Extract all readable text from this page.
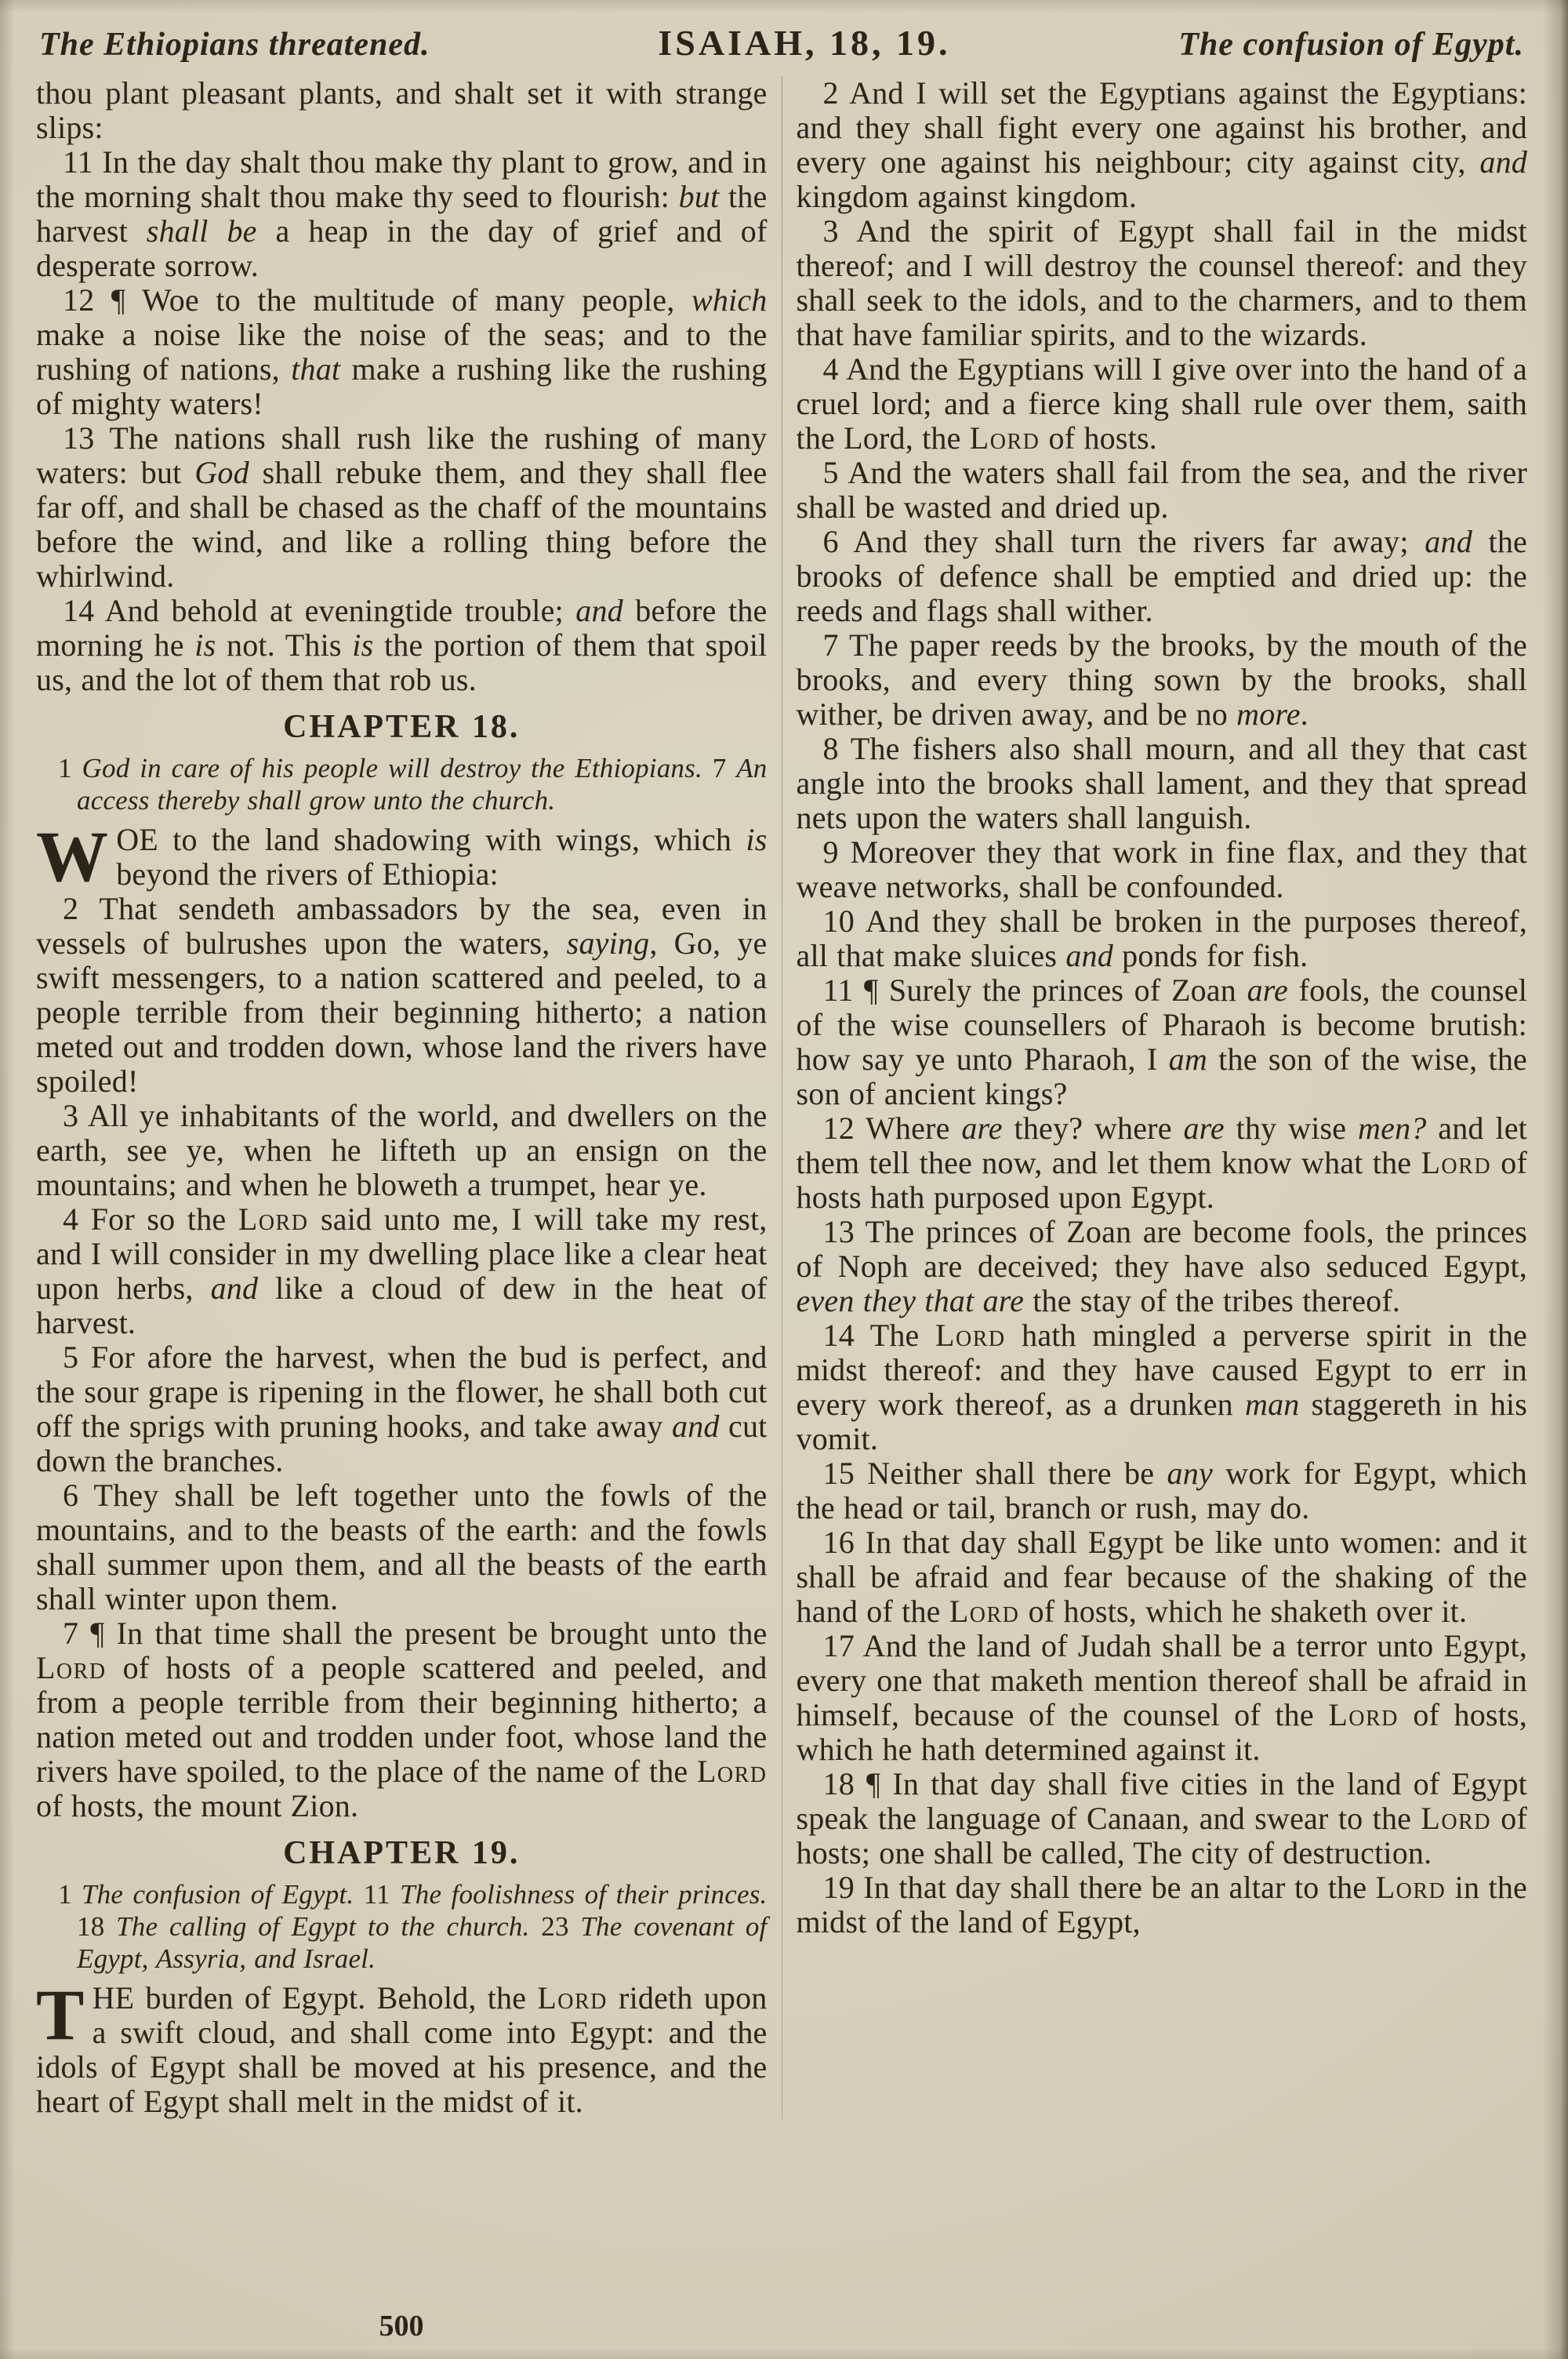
The Ethiopians threatened.	ISAIAH, 18, 19.	The confusion of Egypt.

thou plant pleasant plants, and shalt set it with strange slips:

11 In the day shalt thou make thy plant to grow, and in the morning shalt thou make thy seed to flourish: but the harvest shall be a heap in the day of grief and of desperate sorrow.

12 ¶ Woe to the multitude of many people, which make a noise like the noise of the seas; and to the rushing of nations, that make a rushing like the rushing of mighty waters!

13 The nations shall rush like the rushing of many waters: but God shall rebuke them, and they shall flee far off, and shall be chased as the chaff of the mountains before the wind, and like a rolling thing before the whirlwind.

14 And behold at eveningtide trouble; and before the morning he is not. This is the portion of them that spoil us, and the lot of them that rob us.

CHAPTER 18.

1 God in care of his people will destroy the Ethiopians. 7 An access thereby shall grow unto the church.

WOE to the land shadowing with wings, which is beyond the rivers of Ethiopia:

2 That sendeth ambassadors by the sea, even in vessels of bulrushes upon the waters, saying, Go, ye swift messengers, to a nation scattered and peeled, to a people terrible from their beginning hitherto; a nation meted out and trodden down, whose land the rivers have spoiled!

3 All ye inhabitants of the world, and dwellers on the earth, see ye, when he lifteth up an ensign on the mountains; and when he bloweth a trumpet, hear ye.

4 For so the Lord said unto me, I will take my rest, and I will consider in my dwelling place like a clear heat upon herbs, and like a cloud of dew in the heat of harvest.

5 For afore the harvest, when the bud is perfect, and the sour grape is ripening in the flower, he shall both cut off the sprigs with pruning hooks, and take away and cut down the branches.

6 They shall be left together unto the fowls of the mountains, and to the beasts of the earth: and the fowls shall summer upon them, and all the beasts of the earth shall winter upon them.

7 ¶ In that time shall the present be brought unto the Lord of hosts of a people scattered and peeled, and from a people terrible from their beginning hitherto; a nation meted out and trodden under foot, whose land the rivers have spoiled, to the place of the name of the Lord of hosts, the mount Zion.

CHAPTER 19.

1 The confusion of Egypt. 11 The foolishness of their princes. 18 The calling of Egypt to the church. 23 The covenant of Egypt, Assyria, and Israel.

THE burden of Egypt. Behold, the Lord rideth upon a swift cloud, and shall come into Egypt: and the idols of Egypt shall be moved at his presence, and the heart of Egypt shall melt in the midst of it.

2 And I will set the Egyptians against the Egyptians: and they shall fight every one against his brother, and every one against his neighbour; city against city, and kingdom against kingdom.

3 And the spirit of Egypt shall fail in the midst thereof; and I will destroy the counsel thereof: and they shall seek to the idols, and to the charmers, and to them that have familiar spirits, and to the wizards.

4 And the Egyptians will I give over into the hand of a cruel lord; and a fierce king shall rule over them, saith the Lord, the Lord of hosts.

5 And the waters shall fail from the sea, and the river shall be wasted and dried up.

6 And they shall turn the rivers far away; and the brooks of defence shall be emptied and dried up: the reeds and flags shall wither.

7 The paper reeds by the brooks, by the mouth of the brooks, and every thing sown by the brooks, shall wither, be driven away, and be no more.

8 The fishers also shall mourn, and all they that cast angle into the brooks shall lament, and they that spread nets upon the waters shall languish.

9 Moreover they that work in fine flax, and they that weave networks, shall be confounded.

10 And they shall be broken in the purposes thereof, all that make sluices and ponds for fish.

11 ¶ Surely the princes of Zoan are fools, the counsel of the wise counsellers of Pharaoh is become brutish: how say ye unto Pharaoh, I am the son of the wise, the son of ancient kings?

12 Where are they? where are thy wise men? and let them tell thee now, and let them know what the Lord of hosts hath purposed upon Egypt.

13 The princes of Zoan are become fools, the princes of Noph are deceived; they have also seduced Egypt, even they that are the stay of the tribes thereof.

14 The Lord hath mingled a perverse spirit in the midst thereof: and they have caused Egypt to err in every work thereof, as a drunken man staggereth in his vomit.

15 Neither shall there be any work for Egypt, which the head or tail, branch or rush, may do.

16 In that day shall Egypt be like unto women: and it shall be afraid and fear because of the shaking of the hand of the Lord of hosts, which he shaketh over it.

17 And the land of Judah shall be a terror unto Egypt, every one that maketh mention thereof shall be afraid in himself, because of the counsel of the Lord of hosts, which he hath determined against it.

18 ¶ In that day shall five cities in the land of Egypt speak the language of Canaan, and swear to the Lord of hosts; one shall be called, The city of destruction.

19 In that day shall there be an altar to the Lord in the midst of the land of Egypt,

500
